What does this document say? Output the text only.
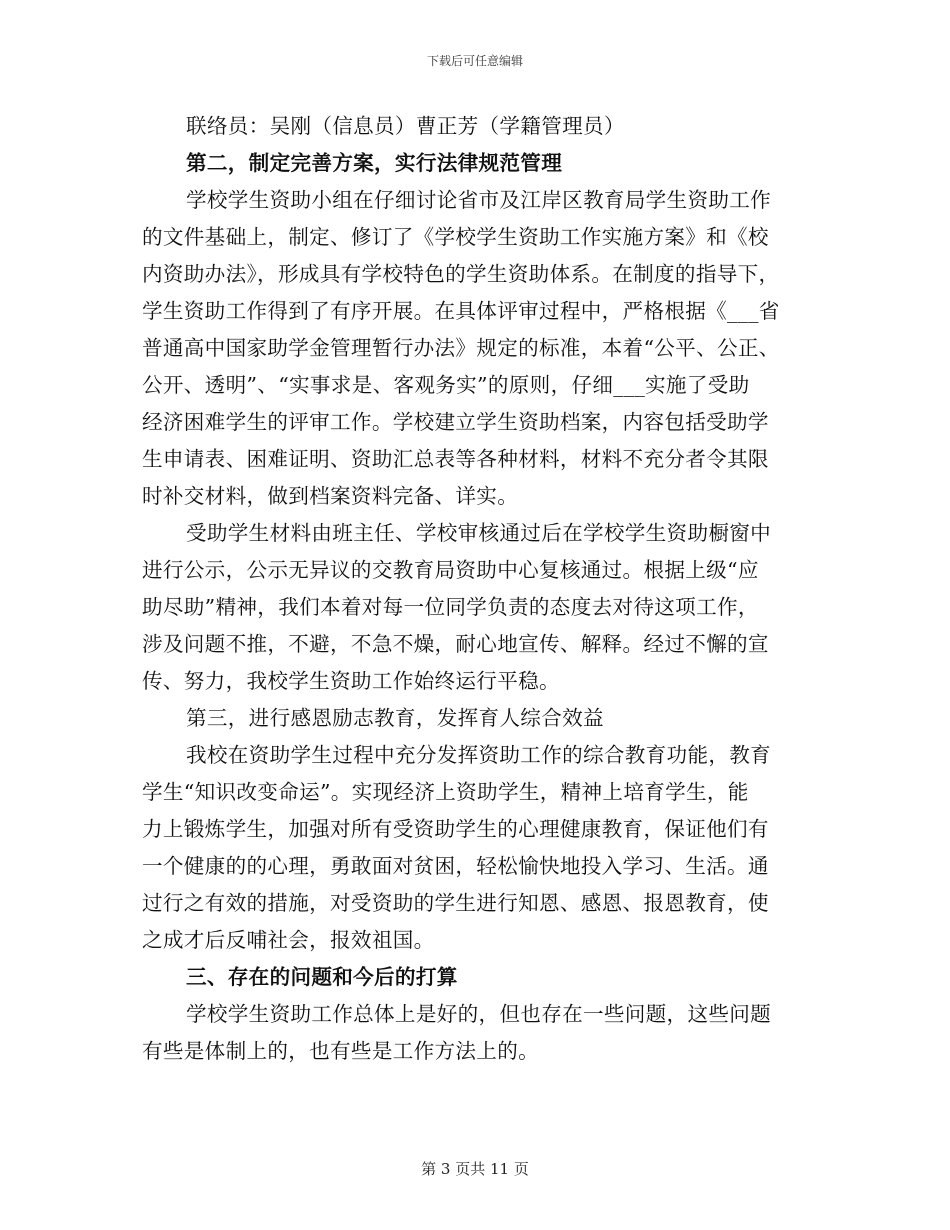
下载后可任意编辑
联络员：吴刚（信息员）曹正芳（学籍管理员）
第二，制定完善方案，实行法律规范管理
学校学生资助小组在仔细讨论省市及江岸区教育局学生资助工作
的文件基础上，制定、修订了《学校学生资助工作实施方案》和《校
内资助办法》，形成具有学校特色的学生资助体系。在制度的指导下，
学生资助工作得到了有序开展。在具体评审过程中，严格根据《___省
普通高中国家助学金管理暂行办法》规定的标准，本着“公平、公正、
公开、透明”、“实事求是、客观务实”的原则，仔细___实施了受助
经济困难学生的评审工作。学校建立学生资助档案，内容包括受助学
生申请表、困难证明、资助汇总表等各种材料，材料不充分者令其限
时补交材料，做到档案资料完备、详实。
受助学生材料由班主任、学校审核通过后在学校学生资助橱窗中
进行公示，公示无异议的交教育局资助中心复核通过。根据上级“应
助尽助”精神，我们本着对每一位同学负责的态度去对待这项工作，
涉及问题不推，不避，不急不燥，耐心地宣传、解释。经过不懈的宣
传、努力，我校学生资助工作始终运行平稳。
第三，进行感恩励志教育，发挥育人综合效益
我校在资助学生过程中充分发挥资助工作的综合教育功能，教育
学生“知识改变命运”。实现经济上资助学生，精神上培育学生，能
力上锻炼学生，加强对所有受资助学生的心理健康教育，保证他们有
一个健康的的心理，勇敢面对贫困，轻松愉快地投入学习、生活。通
过行之有效的措施，对受资助的学生进行知恩、感恩、报恩教育，使
之成才后反哺社会，报效祖国。
三、存在的问题和今后的打算
学校学生资助工作总体上是好的，但也存在一些问题，这些问题
有些是体制上的，也有些是工作方法上的。
第 3 页共 11 页
